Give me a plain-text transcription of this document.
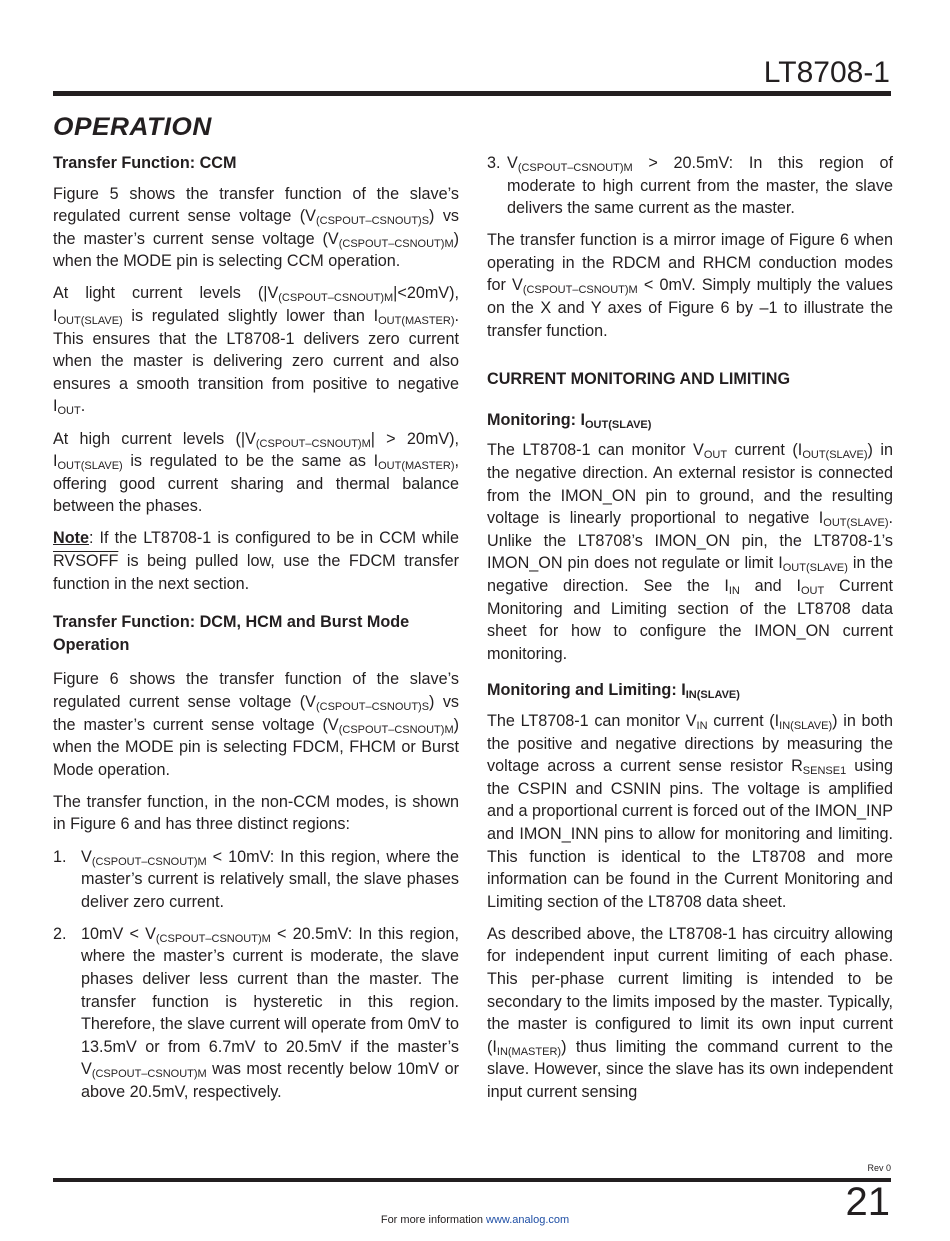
LT8708-1
OPERATION
Transfer Function: CCM

Figure 5 shows the transfer function of the slave’s regulated current sense voltage $(V_{(CSPOUT-CSNOUT)S})$ vs the master’s current sense voltage $(V_{(CSPOUT-CSNOUT)M})$ when the MODE pin is selecting CCM operation.

At light current levels $(|V_{(CSPOUT-CSNOUT)M}|<20mV)$, $I_{OUT(SLAVE)}$ is regulated slightly lower than $I_{OUT(MASTER)}$. This ensures that the LT8708-1 delivers zero current when the master is delivering zero current and also ensures a smooth transition from positive to negative $I_{OUT}$.

At high current levels $(|V_{(CSPOUT-CSNOUT)M}| > 20mV)$, $I_{OUT(SLAVE)}$ is regulated to be the same as $I_{OUT(MASTER)}$, offering good current sharing and thermal balance between the phases.

Note: If the LT8708-1 is configured to be in CCM while RVSOFF is being pulled low, use the FDCM transfer function in the next section.

Transfer Function: DCM, HCM and Burst Mode Operation

Figure 6 shows the transfer function of the slave’s regulated current sense voltage $(V_{(CSPOUT-CSNOUT)S})$ vs the master’s current sense voltage $(V_{(CSPOUT-CSNOUT)M})$ when the MODE pin is selecting FDCM, FHCM or Burst Mode operation.

The transfer function, in the non-CCM modes, is shown in Figure 6 and has three distinct regions:

1. $V_{(CSPOUT-CSNOUT)M} < 10mV$: In this region, where the master’s current is relatively small, the slave phases deliver zero current.
2. $10mV < V_{(CSPOUT-CSNOUT)M} < 20.5mV$: In this region, where the master’s current is moderate, the slave phases deliver less current than the master. The transfer function is hysteretic in this region. Therefore, the slave current will operate from 0mV to 13.5mV or from 6.7mV to 20.5mV if the master’s $V_{(CSPOUT-CSNOUT)M}$ was most recently below 10mV or above 20.5mV, respectively.
3. $V_{(CSPOUT-CSNOUT)M} > 20.5mV$: In this region of moderate to high current from the master, the slave delivers the same current as the master.

The transfer function is a mirror image of Figure 6 when operating in the RDCM and RHCM conduction modes for $V_{(CSPOUT-CSNOUT)M} < 0mV$. Simply multiply the values on the X and Y axes of Figure 6 by –1 to illustrate the transfer function.

CURRENT MONITORING AND LIMITING
Monitoring: $I_{OUT(SLAVE)}$

The LT8708-1 can monitor $V_{OUT}$ current $(I_{OUT(SLAVE)})$ in the negative direction. An external resistor is connected from the IMON_ON pin to ground, and the resulting voltage is linearly proportional to negative $I_{OUT(SLAVE)}$. Unlike the LT8708’s IMON_ON pin, the LT8708-1’s IMON_ON pin does not regulate or limit $I_{OUT(SLAVE)}$ in the negative direction. See the $I_{IN}$ and $I_{OUT}$ Current Monitoring and Limiting section of the LT8708 data sheet for how to configure the IMON_ON current monitoring.

Monitoring and Limiting: $I_{IN(SLAVE)}$

The LT8708-1 can monitor $V_{IN}$ current $(I_{IN(SLAVE)})$ in both the positive and negative directions by measuring the voltage across a current sense resistor $R_{SENSE1}$ using the CSPIN and CSNIN pins. The voltage is amplified and a proportional current is forced out of the IMON_INP and IMON_INN pins to allow for monitoring and limiting. This function is identical to the LT8708 and more information can be found in the Current Monitoring and Limiting section of the LT8708 data sheet.

As described above, the LT8708-1 has circuitry allowing for independent input current limiting of each phase. This per-phase current limiting is intended to be secondary to the limits imposed by the master. Typically, the master is configured to limit its own input current $(I_{IN(MASTER)})$ thus limiting the command current to the slave. However, since the slave has its own independent input current sensing

Rev 0
21
For more information www.analog.com
